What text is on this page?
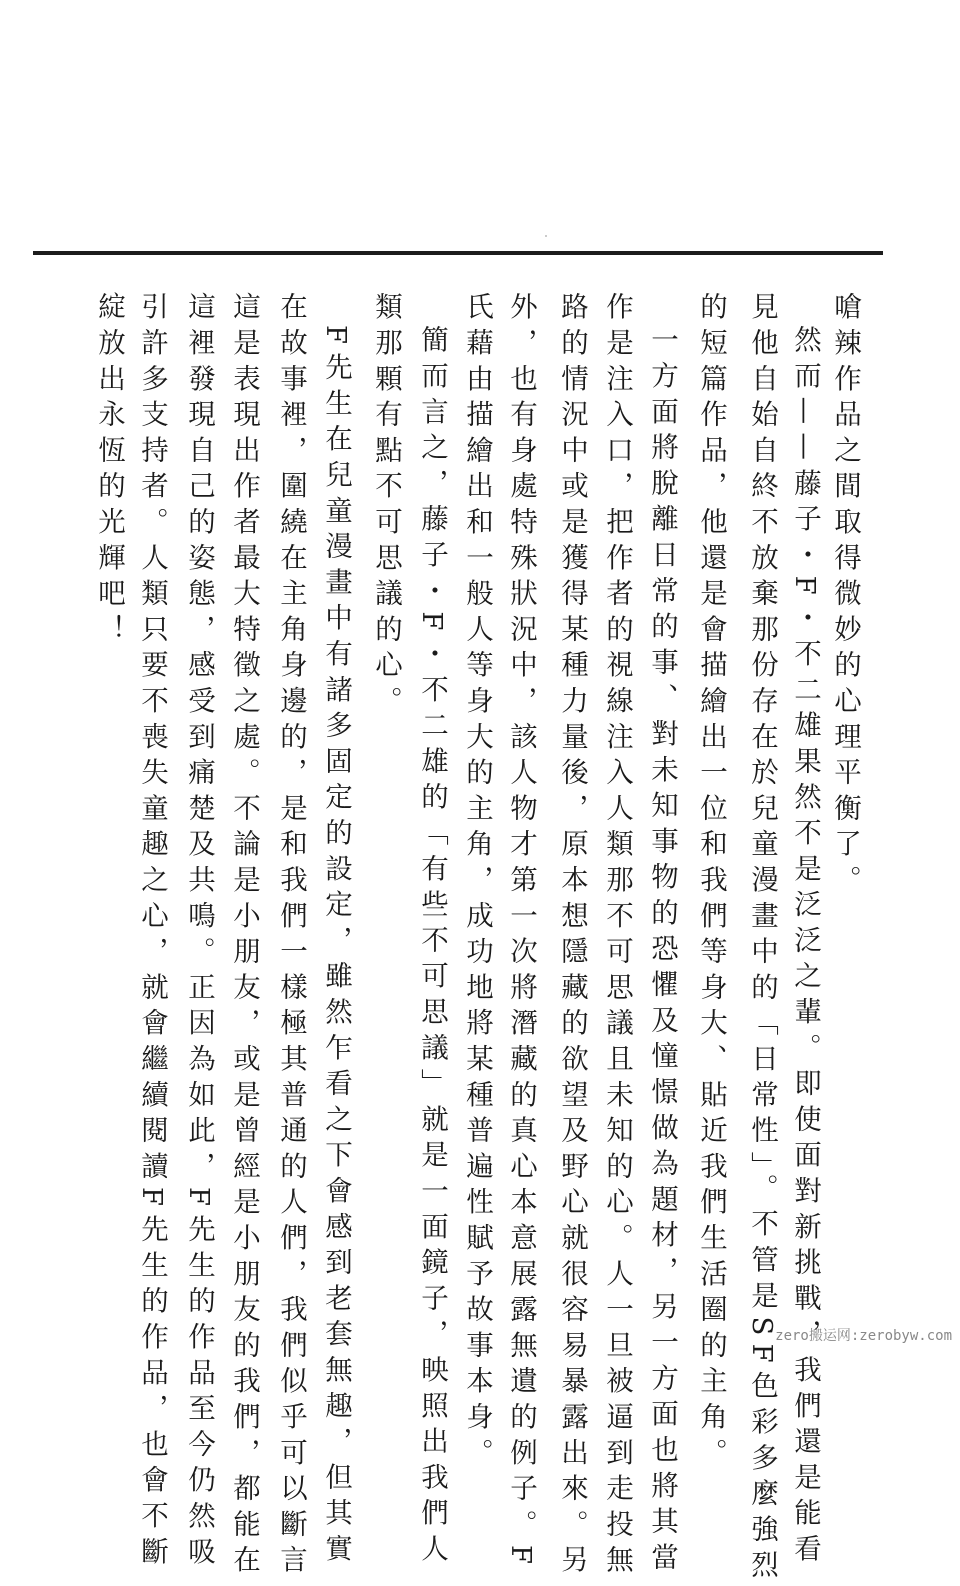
嗆辣作品之間取得微妙的心理平衡了。
然而——藤子・F・不二雄果然不是泛泛之輩。即使面對新挑戰，我們還是能看
見他自始自終不放棄那份存在於兒童漫畫中的「日常性」。不管是SF色彩多麼強烈
的短篇作品，他還是會描繪出一位和我們等身大、貼近我們生活圈的主角。
一方面將脫離日常的事、對未知事物的恐懼及憧憬做為題材，另一方面也將其當
作是注入口，把作者的視線注入人類那不可思議且未知的心。人一旦被逼到走投無
路的情況中或是獲得某種力量後，原本想隱藏的欲望及野心就很容易暴露出來。另
外，也有身處特殊狀況中，該人物才第一次將潛藏的真心本意展露無遺的例子。F
氏藉由描繪出和一般人等身大的主角，成功地將某種普遍性賦予故事本身。
簡而言之，藤子・F・不二雄的「有些不可思議」就是一面鏡子，映照出我們人
類那顆有點不可思議的心。
F先生在兒童漫畫中有諸多固定的設定，雖然乍看之下會感到老套無趣，但其實
在故事裡，圍繞在主角身邊的，是和我們一樣極其普通的人們，我們似乎可以斷言
這是表現出作者最大特徵之處。不論是小朋友，或是曾經是小朋友的我們，都能在
這裡發現自己的姿態，感受到痛楚及共鳴。正因為如此，F先生的作品至今仍然吸
引許多支持者。人類只要不喪失童趣之心，就會繼續閱讀F先生的作品，也會不斷
綻放出永恆的光輝吧！
zero搬运网:zerobyw.com
